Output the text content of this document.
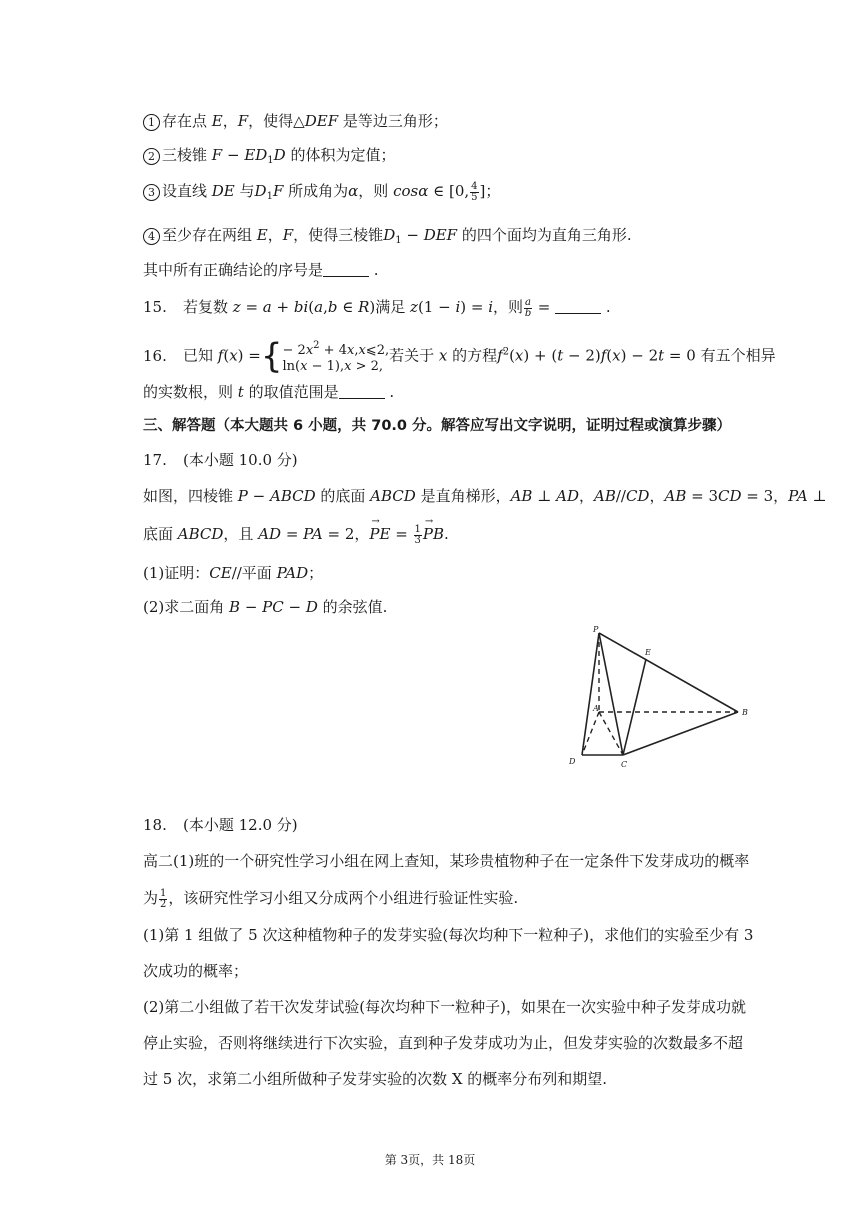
1 存在点 E，F，使得△DEF 是等边三角形；
2 三棱锥 $F - ED_1D$ 的体积为定值；
3 设直线 DE 与$D_1F$ 所成角为α，则 cosα ∈ [0, $\frac{4}{5}$ ]；
4 至少存在两组 E，F，使得三棱锥$D_1$ − DEF 的四个面均为直角三角形.
其中所有正确结论的序号是	.
15. 若复数 z = a + bi(a,b ∈ R)满足 z(1 − i) = i，则 $\frac{a}{b}$ =	.
16. 已知 f(x) ={ − $2x^2$ + 4x,x⩽2,
ln(x − 1),x > 2,
若关于 x 的方程$f^2(x) + (t - 2)f(x) - 2t = 0$ 有五个相异
的实数根，则 t 的取值范围是	.
三、解答题（本大题共 6 小题，共 70.0 分。解答应写出文字说明，证明过程或演算步骤）
17. (本小题 10.0 分)
如图，四棱锥 P − ABCD 的底面 ABCD 是直角梯形，AB ⊥ AD，AB//CD，AB = 3CD = 3，PA ⊥
底面 ABCD，且 AD = PA = 2，→ PE = $\frac{1}{3}$
→ PB.
(1)证明：CE//平面 PAD；
(2)求二面角 B − PC − D 的余弦值.
P
E
A	B
C
D
18. (本小题 12.0 分)
高二(1)班的一个研究性学习小组在网上查知，某珍贵植物种子在一定条件下发芽成功的概率
为 $\frac{1}{2}$ ，该研究性学习小组又分成两个小组进行验证性实验.
(1)第 1 组做了 5 次这种植物种子的发芽实验(每次均种下一粒种子)，求他们的实验至少有 3
次成功的概率；
(2)第二小组做了若干次发芽试验(每次均种下一粒种子)，如果在一次实验中种子发芽成功就
停止实验，否则将继续进行下次实验，直到种子发芽成功为止，但发芽实验的次数最多不超
过 5 次，求第二小组所做种子发芽实验的次数 X 的概率分布列和期望.
第 3页，共 18页
